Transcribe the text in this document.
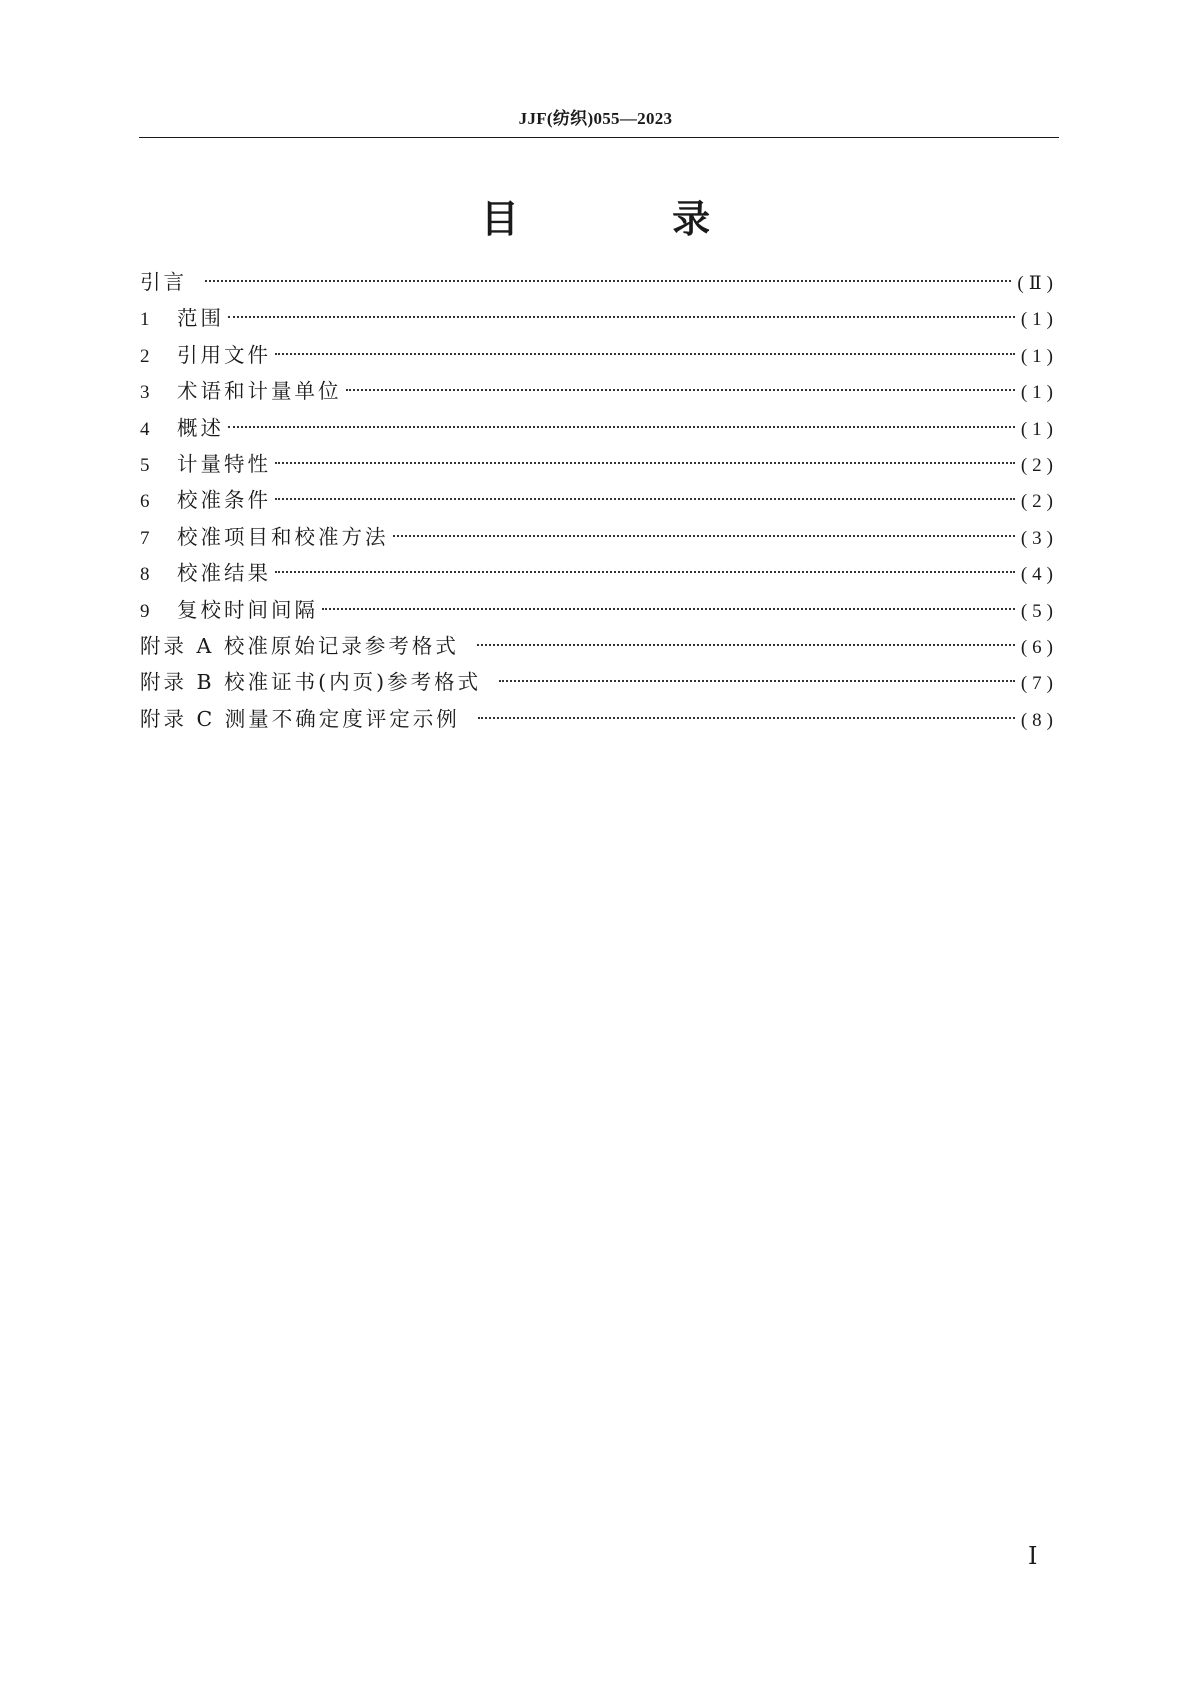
JJF(纺织)055—2023
目 录
引言	(Ⅱ)
1	范围	(1)
2	引用文件	(1)
3	术语和计量单位	(1)
4	概述	(1)
5	计量特性	(2)
6	校准条件	(2)
7	校准项目和校准方法	(3)
8	校准结果	(4)
9	复校时间间隔	(5)
附录 A 校准原始记录参考格式	(6)
附录 B 校准证书(内页)参考格式	(7)
附录 C 测量不确定度评定示例	(8)
Ⅰ
